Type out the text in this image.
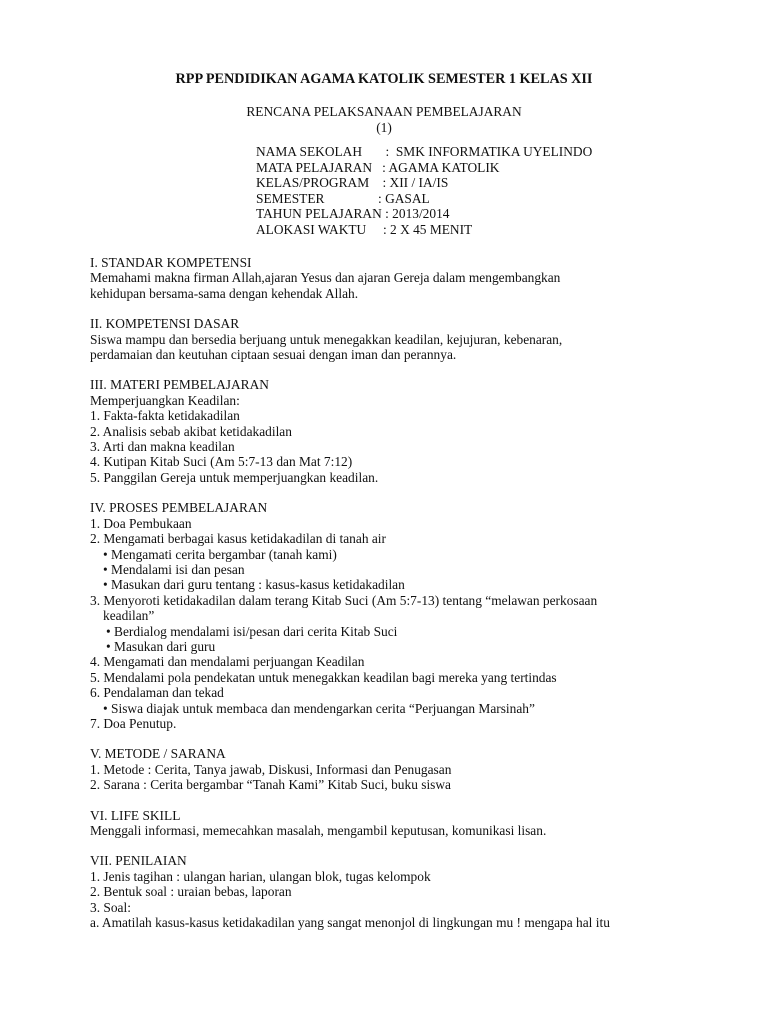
RPP PENDIDIKAN AGAMA KATOLIK SEMESTER 1 KELAS XII
RENCANA PELAKSANAAN PEMBELAJARAN
(1)
NAMA SEKOLAH       :  SMK INFORMATIKA UYELINDO
MATA PELAJARAN   : AGAMA KATOLIK
KELAS/PROGRAM    : XII / IA/IS
SEMESTER                : GASAL
TAHUN PELAJARAN : 2013/2014
ALOKASI WAKTU     : 2 X 45 MENIT
I. STANDAR KOMPETENSI
Memahami makna firman Allah,ajaran Yesus dan ajaran Gereja dalam mengembangkan
kehidupan bersama-sama dengan kehendak Allah.
II. KOMPETENSI DASAR
Siswa mampu dan bersedia berjuang untuk menegakkan keadilan, kejujuran, kebenaran,
perdamaian dan keutuhan ciptaan sesuai dengan iman dan perannya.
III. MATERI PEMBELAJARAN
Memperjuangkan Keadilan:
1. Fakta-fakta ketidakadilan
2. Analisis sebab akibat ketidakadilan
3. Arti dan makna keadilan
4. Kutipan Kitab Suci (Am 5:7-13 dan Mat 7:12)
5. Panggilan Gereja untuk memperjuangkan keadilan.
IV. PROSES PEMBELAJARAN
1. Doa Pembukaan
2. Mengamati berbagai kasus ketidakadilan di tanah air
• Mengamati cerita bergambar (tanah kami)
• Mendalami isi dan pesan
• Masukan dari guru tentang : kasus-kasus ketidakadilan
3. Menyoroti ketidakadilan dalam terang Kitab Suci (Am 5:7-13) tentang “melawan perkosaan
keadilan”
• Berdialog mendalami isi/pesan dari cerita Kitab Suci
• Masukan dari guru
4. Mengamati dan mendalami perjuangan Keadilan
5. Mendalami pola pendekatan untuk menegakkan keadilan bagi mereka yang tertindas
6. Pendalaman dan tekad
• Siswa diajak untuk membaca dan mendengarkan cerita “Perjuangan Marsinah”
7. Doa Penutup.
V. METODE / SARANA
1. Metode : Cerita, Tanya jawab, Diskusi, Informasi dan Penugasan
2. Sarana : Cerita bergambar “Tanah Kami” Kitab Suci, buku siswa
VI. LIFE SKILL
Menggali informasi, memecahkan masalah, mengambil keputusan, komunikasi lisan.
VII. PENILAIAN
1. Jenis tagihan : ulangan harian, ulangan blok, tugas kelompok
2. Bentuk soal : uraian bebas, laporan
3. Soal:
a. Amatilah kasus-kasus ketidakadilan yang sangat menonjol di lingkungan mu ! mengapa hal itu
